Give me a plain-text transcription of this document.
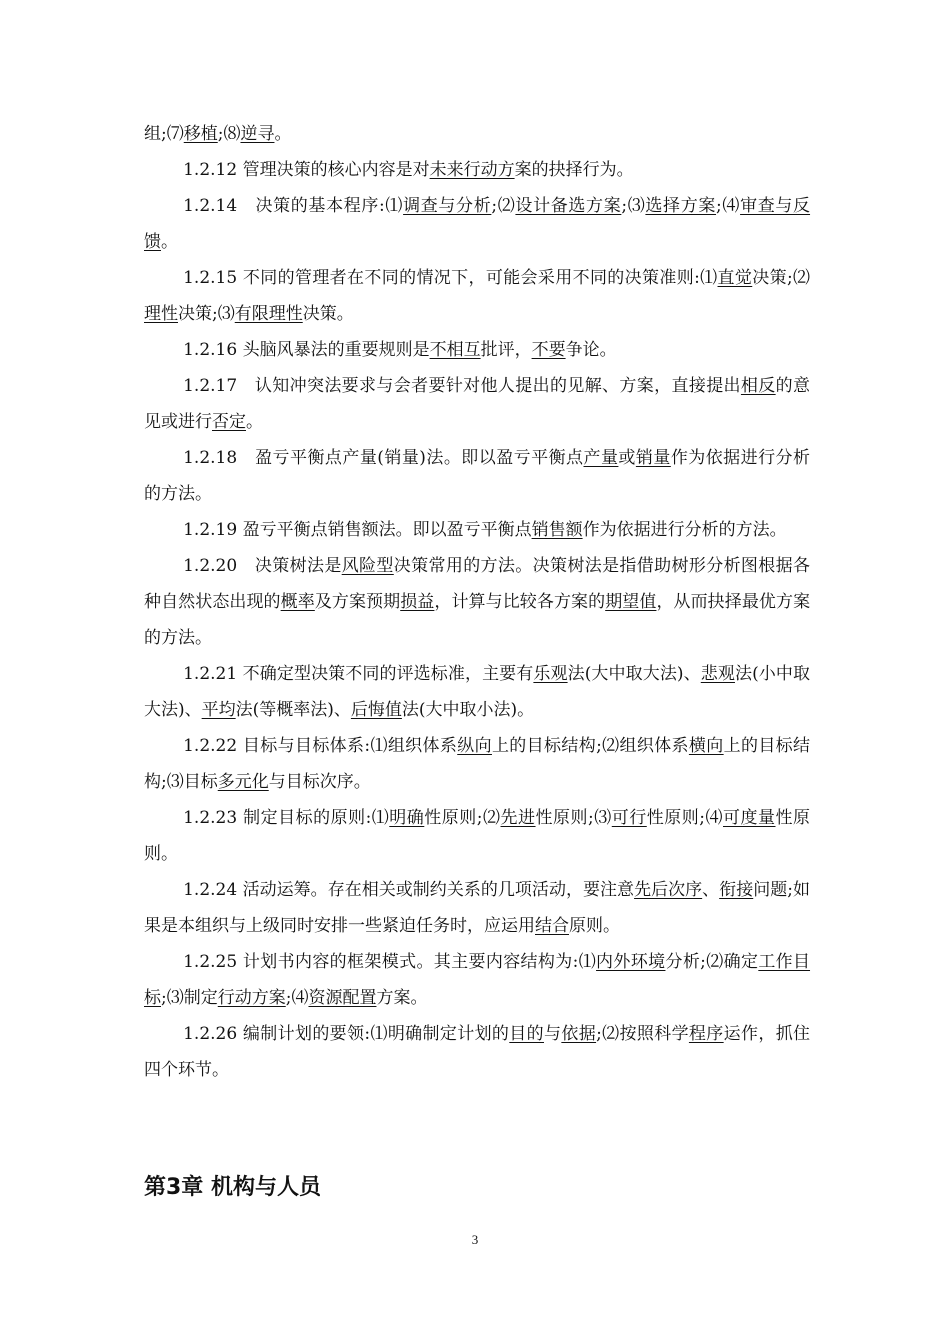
组;⑺移植;⑻逆寻。

1.2.12 管理决策的核心内容是对未来行动方案的抉择行为。

1.2.14　决策的基本程序:⑴调查与分析;⑵设计备选方案;⑶选择方案;⑷审查与反馈。

1.2.15 不同的管理者在不同的情况下，可能会采用不同的决策准则:⑴直觉决策;⑵理性决策;⑶有限理性决策。

1.2.16 头脑风暴法的重要规则是不相互批评，不要争论。

1.2.17　认知冲突法要求与会者要针对他人提出的见解、方案，直接提出相反的意见或进行否定。

1.2.18　盈亏平衡点产量(销量)法。即以盈亏平衡点产量或销量作为依据进行分析的方法。

1.2.19 盈亏平衡点销售额法。即以盈亏平衡点销售额作为依据进行分析的方法。

1.2.20　决策树法是风险型决策常用的方法。决策树法是指借助树形分析图根据各种自然状态出现的概率及方案预期损益，计算与比较各方案的期望值，从而抉择最优方案的方法。

1.2.21 不确定型决策不同的评选标准，主要有乐观法(大中取大法)、悲观法(小中取大法)、平均法(等概率法)、后悔值法(大中取小法)。

1.2.22 目标与目标体系:⑴组织体系纵向上的目标结构;⑵组织体系横向上的目标结构;⑶目标多元化与目标次序。

1.2.23 制定目标的原则:⑴明确性原则;⑵先进性原则;⑶可行性原则;⑷可度量性原则。

1.2.24 活动运筹。存在相关或制约关系的几项活动，要注意先后次序、衔接问题;如果是本组织与上级同时安排一些紧迫任务时，应运用结合原则。

1.2.25 计划书内容的框架模式。其主要内容结构为:⑴内外环境分析;⑵确定工作目标;⑶制定行动方案;⑷资源配置方案。

1.2.26 编制计划的要领:⑴明确制定计划的目的与依据;⑵按照科学程序运作，抓住四个环节。

第3章 机构与人员
3
